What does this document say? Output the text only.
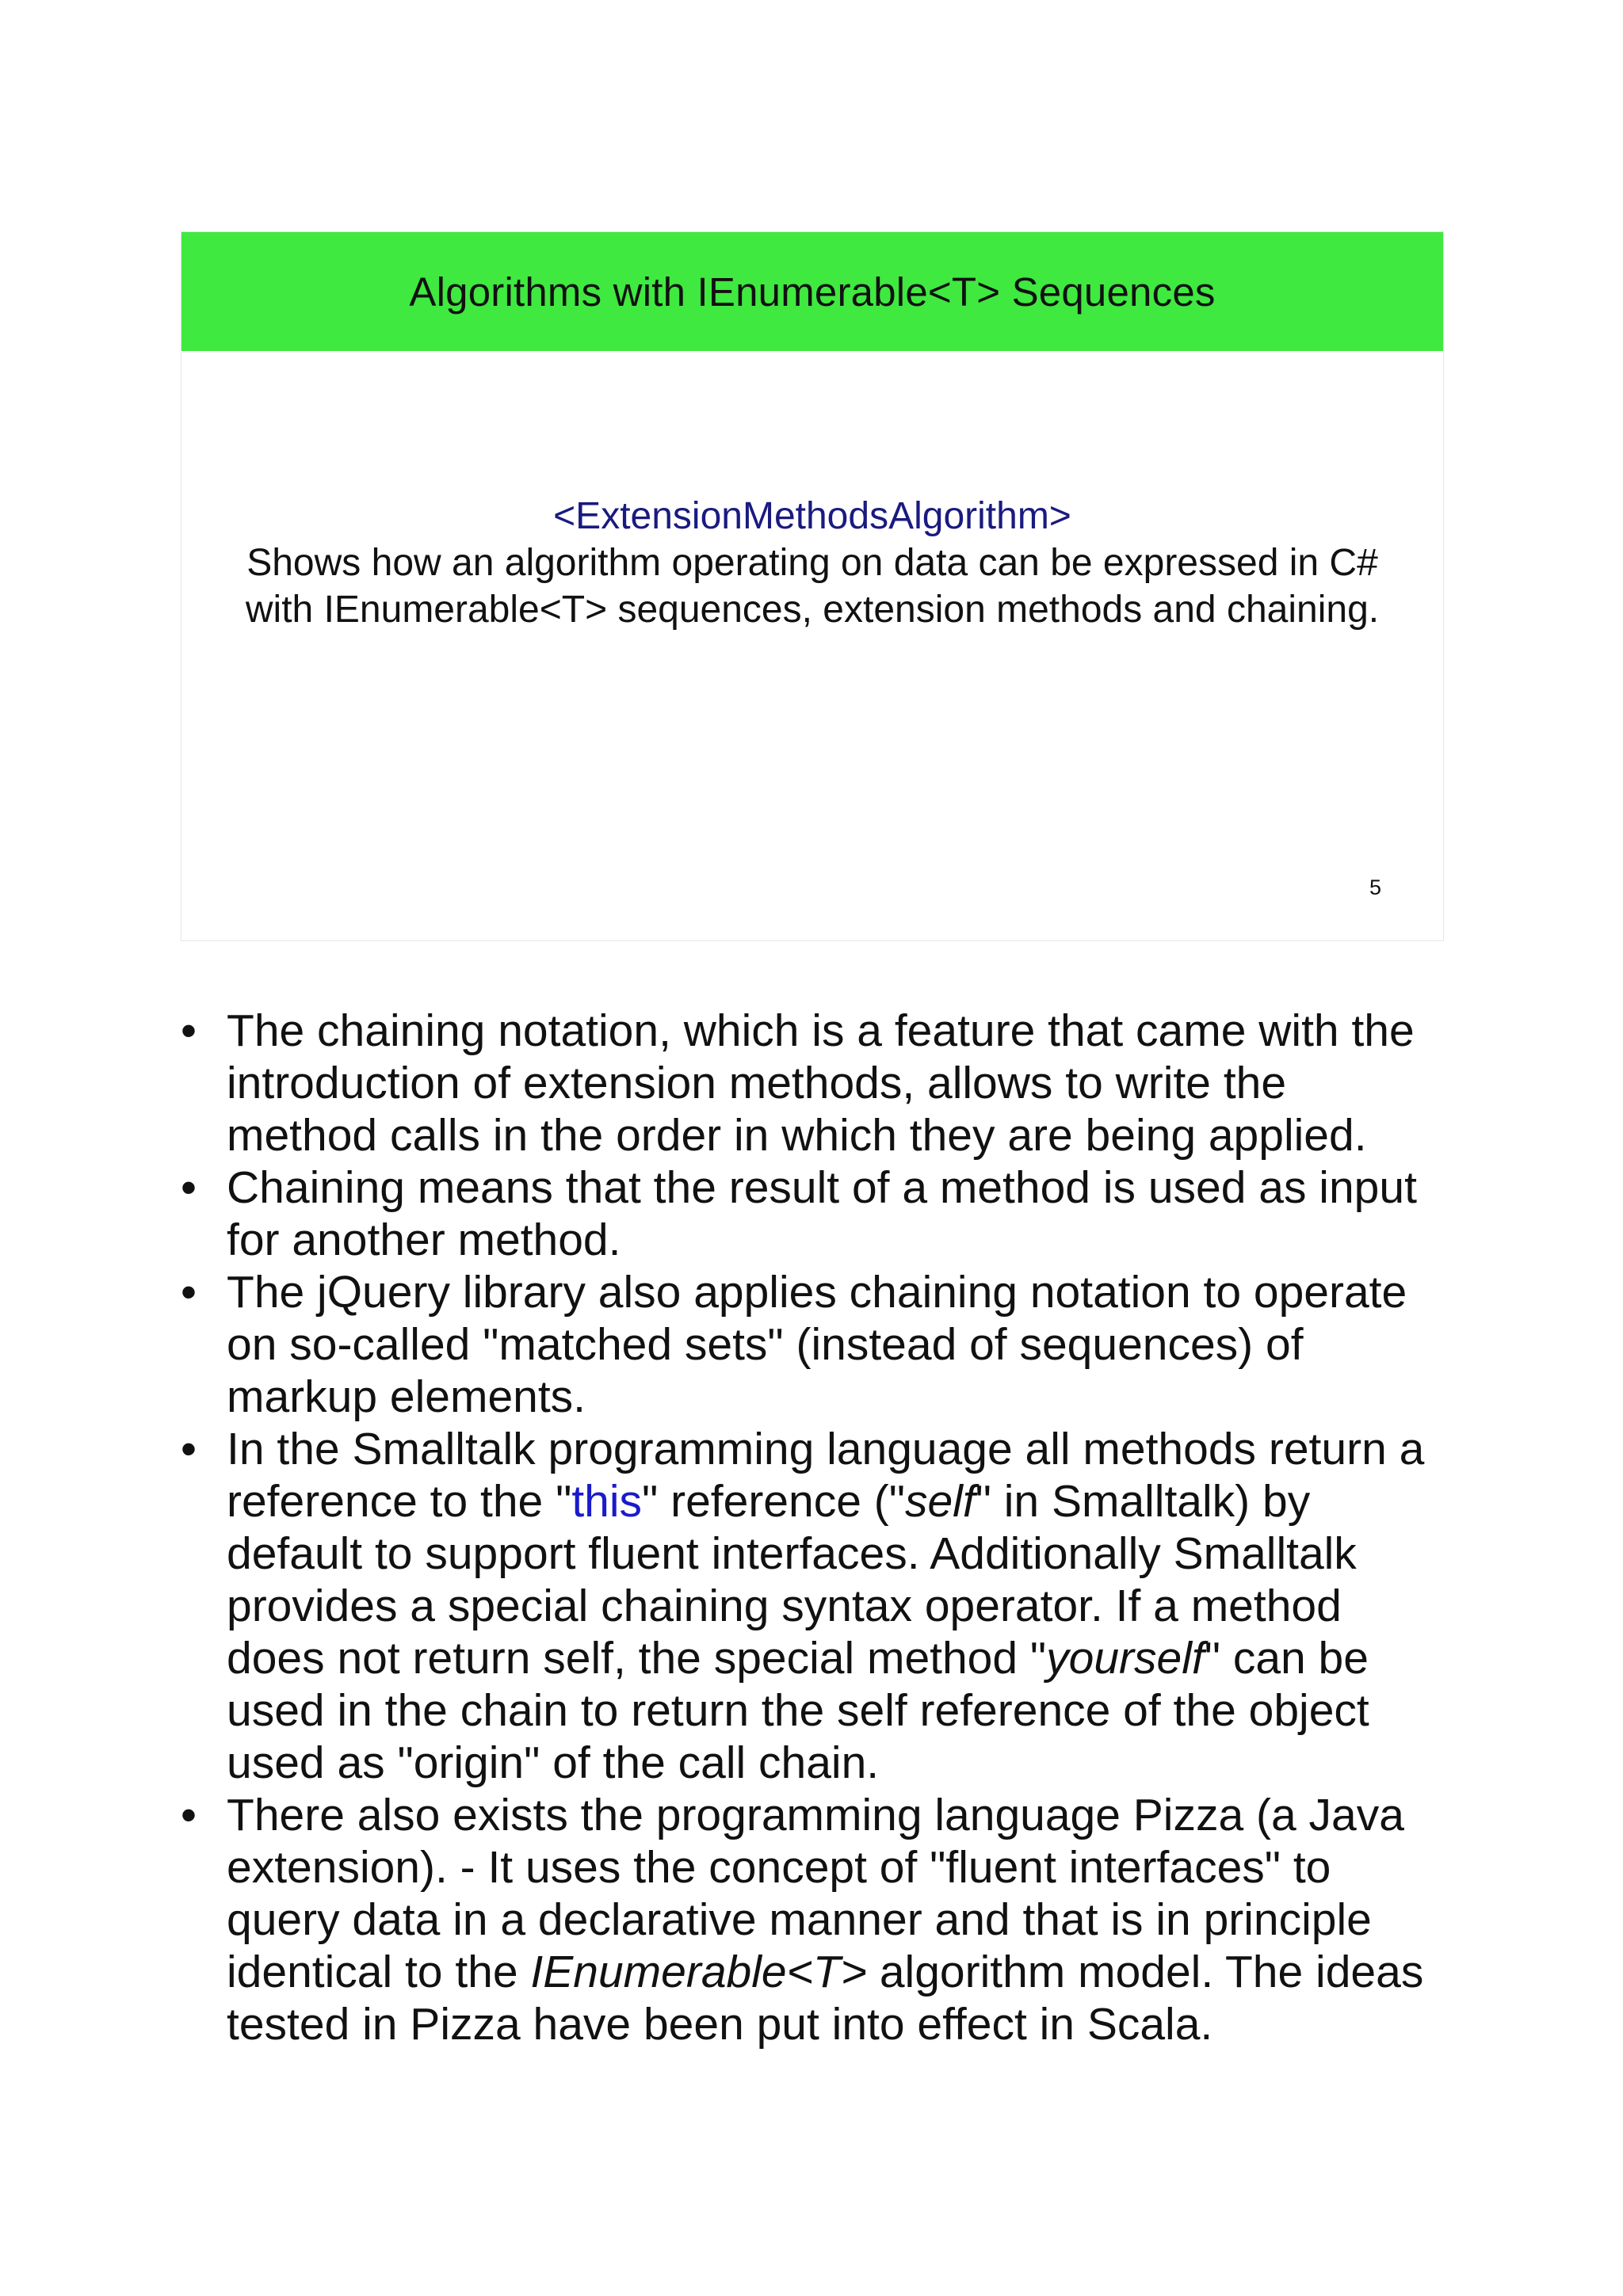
Algorithms with IEnumerable<T> Sequences
<ExtensionMethodsAlgorithm>
Shows how an algorithm operating on data can be expressed in C# with IEnumerable<T> sequences, extension methods and chaining.
5
• The chaining notation, which is a feature that came with the introduction of extension methods, allows to write the method calls in the order in which they are being applied.
• Chaining means that the result of a method is used as input for another method.
• The jQuery library also applies chaining notation to operate on so-called "matched sets" (instead of sequences) of markup elements.
• In the Smalltalk programming language all methods return a reference to the "this" reference ("self" in Smalltalk) by default to support fluent interfaces. Additionally Smalltalk provides a special chaining syntax operator. If a method does not return self, the special method "yourself" can be used in the chain to return the self reference of the object used as "origin" of the call chain.
• There also exists the programming language Pizza (a Java extension). - It uses the concept of "fluent interfaces" to query data in a declarative manner and that is in principle identical to the IEnumerable<T> algorithm model. The ideas tested in Pizza have been put into effect in Scala.
